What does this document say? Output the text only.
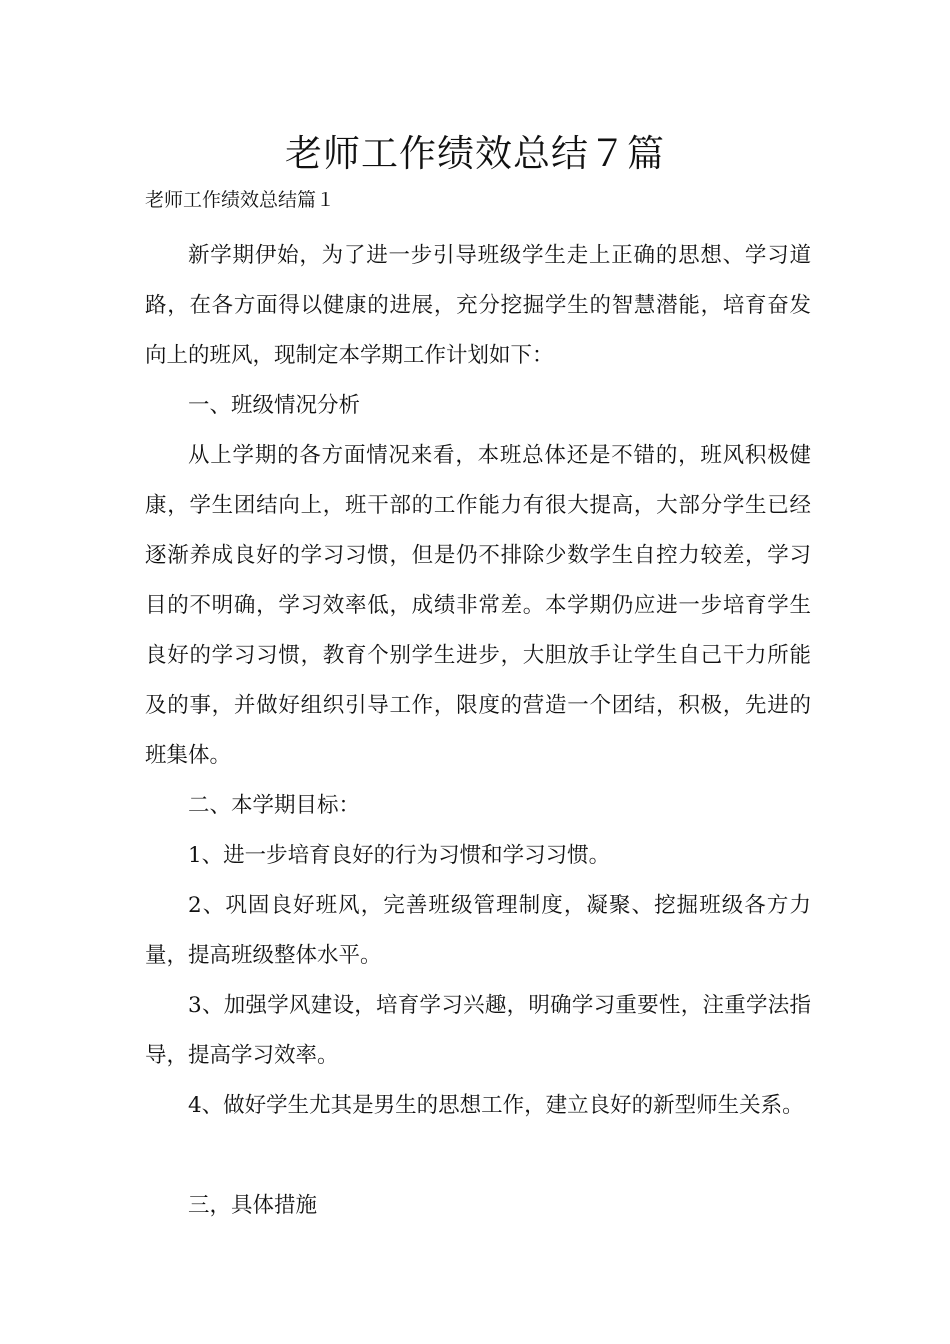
老师工作绩效总结７篇
老师工作绩效总结篇１

新学期伊始，为了进一步引导班级学生走上正确的思想、学习道路，在各方面得以健康的进展，充分挖掘学生的智慧潜能，培育奋发向上的班风，现制定本学期工作计划如下：

一、班级情况分析

从上学期的各方面情况来看，本班总体还是不错的，班风积极健康，学生团结向上，班干部的工作能力有很大提高，大部分学生已经逐渐养成良好的学习习惯，但是仍不排除少数学生自控力较差，学习目的不明确，学习效率低，成绩非常差。本学期仍应进一步培育学生良好的学习习惯，教育个别学生进步，大胆放手让学生自己干力所能及的事，并做好组织引导工作，限度的营造一个团结，积极，先进的班集体。

二、本学期目标：

1、进一步培育良好的行为习惯和学习习惯。

2、巩固良好班风，完善班级管理制度，凝聚、挖掘班级各方力量，提高班级整体水平。

3、加强学风建设，培育学习兴趣，明确学习重要性，注重学法指导，提高学习效率。

4、做好学生尤其是男生的思想工作，建立良好的新型师生关系。

三，具体措施
